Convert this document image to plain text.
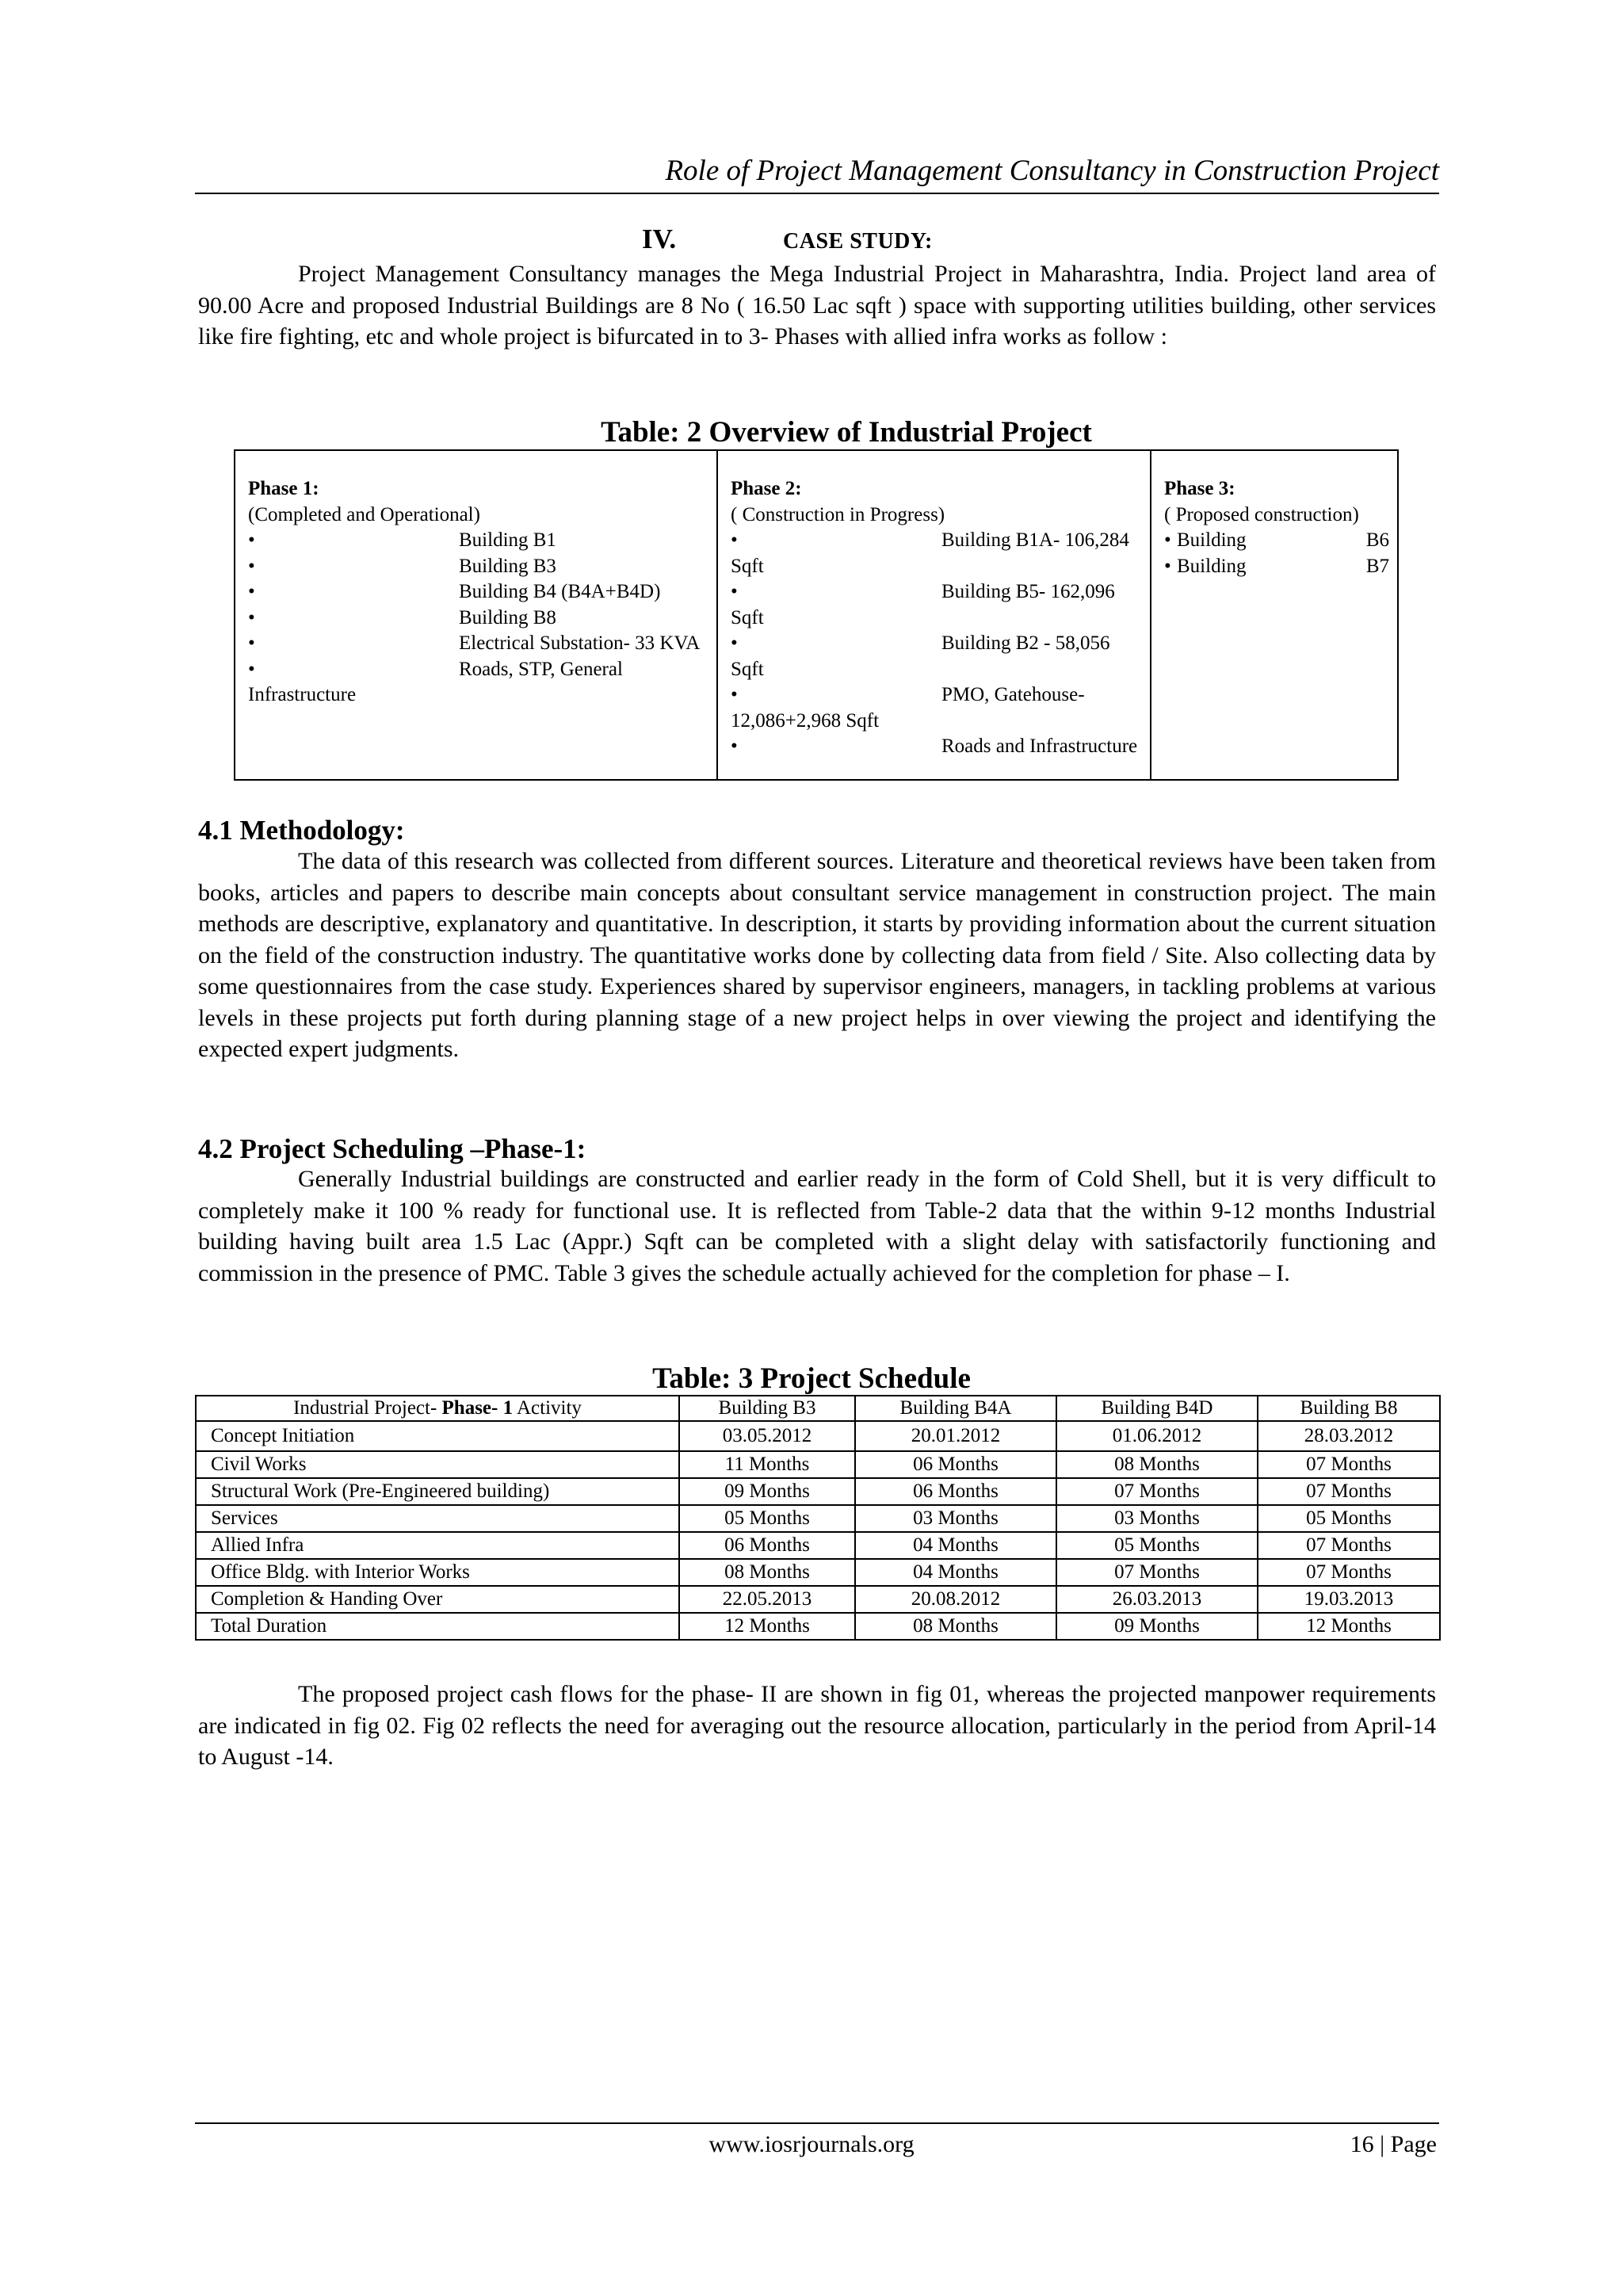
Role of Project Management Consultancy in Construction Project
IV.	CASE STUDY:

Project Management Consultancy manages the Mega Industrial Project in Maharashtra, India. Project land area of 90.00 Acre and proposed Industrial Buildings are 8 No ( 16.50 Lac sqft ) space with supporting utilities building, other services like fire fighting, etc and whole project is bifurcated in to 3- Phases with allied infra works as follow :

Table: 2 Overview of Industrial Project
Phase 1:
(Completed and Operational)
•	Building B1
•	Building B3
•	Building B4 (B4A+B4D)
•	Building B8
•	Electrical Substation- 33 KVA
•	Roads, STP, General Infrastructure
Phase 2:
( Construction in Progress)
•	Building B1A- 106,284 Sqft
•	Building B5- 162,096 Sqft
•	Building B2 - 58,056 Sqft
•	PMO, Gatehouse- 12,086+2,968 Sqft
•	Roads and Infrastructure
Phase 3:
( Proposed construction)
• Building B6
• Building B7
4.1 Methodology:

The data of this research was collected from different sources. Literature and theoretical reviews have been taken from books, articles and papers to describe main concepts about consultant service management in construction project. The main methods are descriptive, explanatory and quantitative. In description, it starts by providing information about the current situation on the field of the construction industry. The quantitative works done by collecting data from field / Site. Also collecting data by some questionnaires from the case study. Experiences shared by supervisor engineers, managers, in tackling problems at various levels in these projects put forth during planning stage of a new project helps in over viewing the project and identifying the expected expert judgments.

4.2 Project Scheduling –Phase-1:

Generally Industrial buildings are constructed and earlier ready in the form of Cold Shell, but it is very difficult to completely make it 100 % ready for functional use. It is reflected from Table-2 data that the within 9-12 months Industrial building having built area 1.5 Lac (Appr.) Sqft can be completed with a slight delay with satisfactorily functioning and commission in the presence of PMC. Table 3 gives the schedule actually achieved for the completion for phase – I.

Table: 3 Project Schedule
Industrial Project- Phase- 1 Activity	Building B3	Building B4A	Building B4D	Building B8
Concept Initiation	03.05.2012	20.01.2012	01.06.2012	28.03.2012
Civil Works	11 Months	06 Months	08 Months	07 Months
Structural Work (Pre-Engineered building)	09 Months	06 Months	07 Months	07 Months
Services	05 Months	03 Months	03 Months	05 Months
Allied Infra	06 Months	04 Months	05 Months	07 Months
Office Bldg. with Interior Works	08 Months	04 Months	07 Months	07 Months
Completion & Handing Over	22.05.2013	20.08.2012	26.03.2013	19.03.2013
Total Duration	12 Months	08 Months	09 Months	12 Months

The proposed project cash flows for the phase- II are shown in fig 01, whereas the projected manpower requirements are indicated in fig 02. Fig 02 reflects the need for averaging out the resource allocation, particularly in the period from April-14 to August -14.

www.iosrjournals.org	16 | Page
